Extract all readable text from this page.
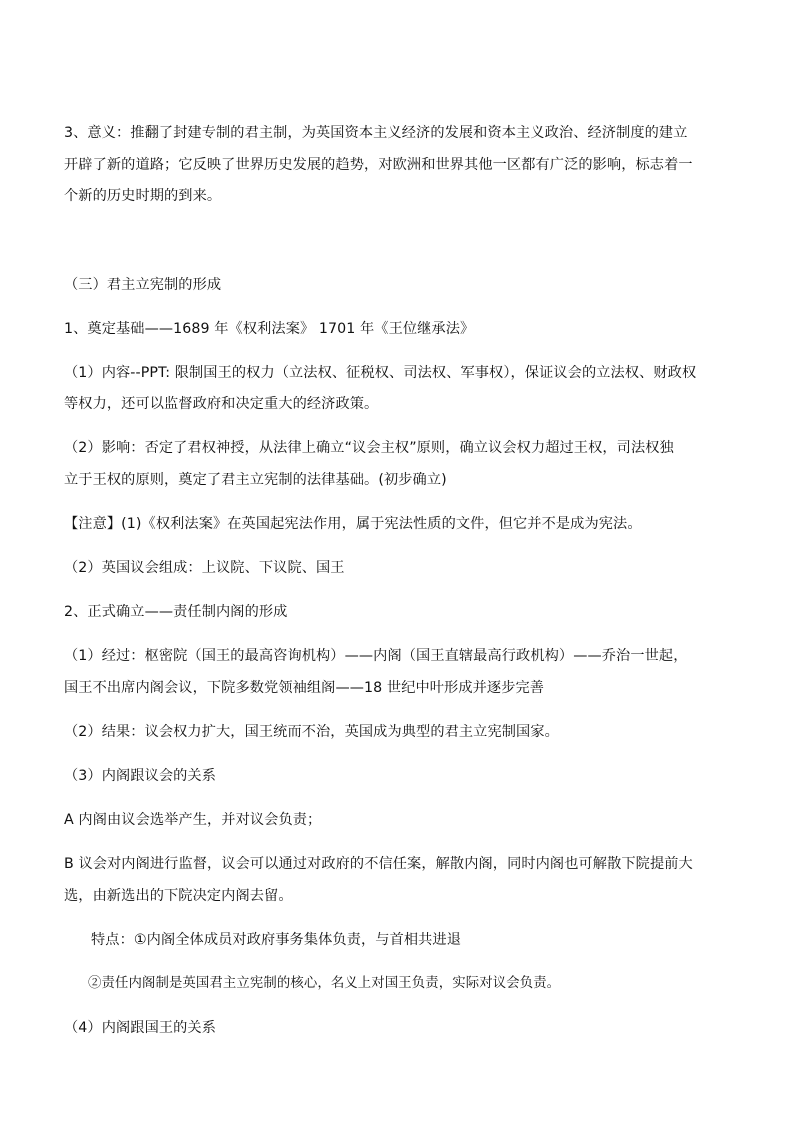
3、意义：推翻了封建专制的君主制，为英国资本主义经济的发展和资本主义政治、经济制度的建立
开辟了新的道路；它反映了世界历史发展的趋势，对欧洲和世界其他一区都有广泛的影响，标志着一
个新的历史时期的到来。
（三）君主立宪制的形成
1、奠定基础——1689 年《权利法案》 1701 年《王位继承法》
（1）内容--PPT: 限制国王的权力（立法权、征税权、司法权、军事权），保证议会的立法权、财政权
等权力，还可以监督政府和决定重大的经济政策。
（2）影响：否定了君权神授，从法律上确立“议会主权”原则，确立议会权力超过王权，司法权独
立于王权的原则，奠定了君主立宪制的法律基础。(初步确立)
【注意】(1)《权利法案》在英国起宪法作用，属于宪法性质的文件，但它并不是成为宪法。
（2）英国议会组成：上议院、下议院、国王
2、正式确立——责任制内阁的形成
（1）经过：枢密院（国王的最高咨询机构）——内阁（国王直辖最高行政机构）——乔治一世起，
国王不出席内阁会议，下院多数党领袖组阁——18 世纪中叶形成并逐步完善
（2）结果：议会权力扩大，国王统而不治，英国成为典型的君主立宪制国家。
（3）内阁跟议会的关系
A 内阁由议会选举产生，并对议会负责；
B 议会对内阁进行监督，议会可以通过对政府的不信任案，解散内阁，同时内阁也可解散下院提前大
选，由新选出的下院决定内阁去留。
特点：①内阁全体成员对政府事务集体负责，与首相共进退
②责任内阁制是英国君主立宪制的核心，名义上对国王负责，实际对议会负责。
（4）内阁跟国王的关系
